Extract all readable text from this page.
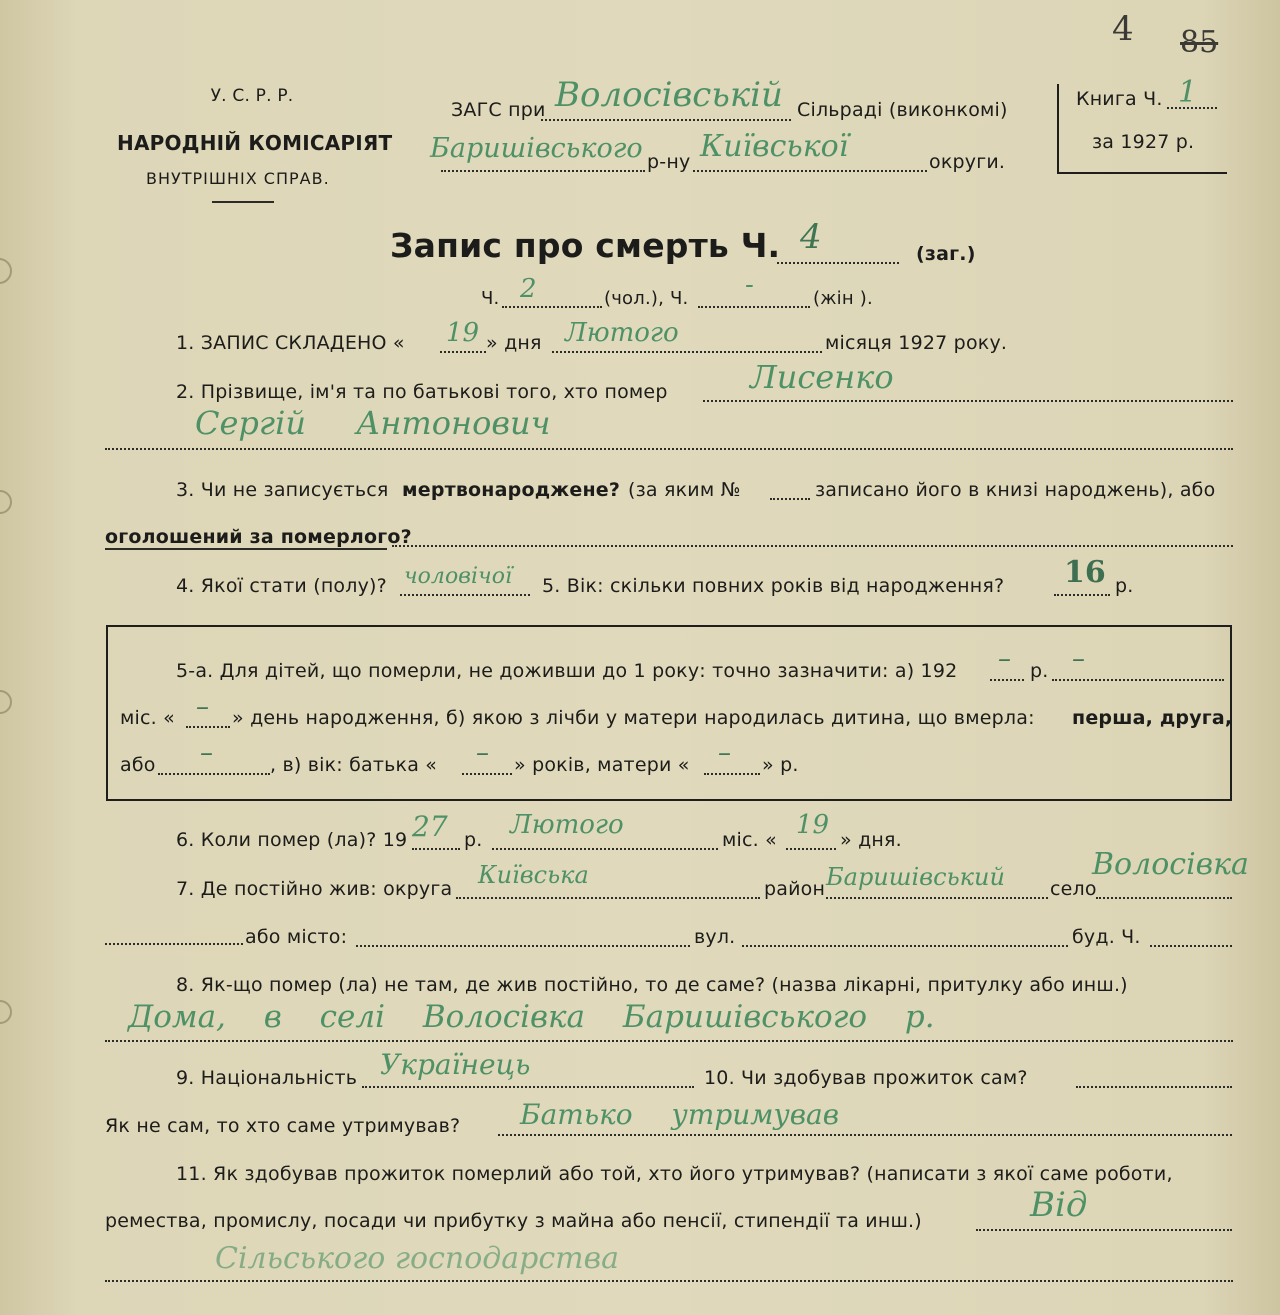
4 85
У. С. Р. Р.
НАРОДНІЙ КОМІСАРІЯТ
ВНУТРІШНІХ СПРАВ.
ЗАГС при Волосівській Сільраді (виконкомі)
Баришівського р-ну Київської	округи.
Книга Ч. 1
за 1927 р.
Запис про смерть Ч. 4	(заг.)
Ч. 2	(чол.), Ч. -	(жін ).
1. ЗАПИС СКЛАДЕНО « 19 » дня Лютого	місяця 1927 року.
2. Прізвище, ім'я та по батькові того, хто помер	Лисенко
Сергій Антонович
3. Чи не записується мертвонароджене? (за яким №	записано його в книзі народжень), або
оголошений за померлого?
4. Якої стати (полу)? чоловічої 5. Вік: скільки повних років від народження? 16 р.
5-а. Для дітей, що померли, не доживши до 1 року: точно зазначити: а) 192 – р. –
міс. « – » день народження, б) якою з лічби у матери народилась дитина, що вмерла: перша, друга,
або –	, в) вік: батька « – » років, матери « – » р.
6. Коли помер (ла)? 19 27 р. Лютого	міс. « 19 » дня.
7. Де постійно жив: округа Київська	район Баришівський село
Волосівка
або місто:	вул.	буд. Ч.
8. Як-що помер (ла) не там, де жив постійно, то де саме? (назва лікарні, притулку або инш.)
Дома, в селі Волосівка Баришівського р.
9. Національність Українець	10. Чи здобував прожиток сам?
Як не сам, то хто саме утримував? Батько утримував
11. Як здобував прожиток померлий або той, хто його утримував? (написати з якої саме роботи,
ремества, промислу, посади чи прибутку з майна або пенсії, стипендії та инш.)	Від
Сільського господарства
